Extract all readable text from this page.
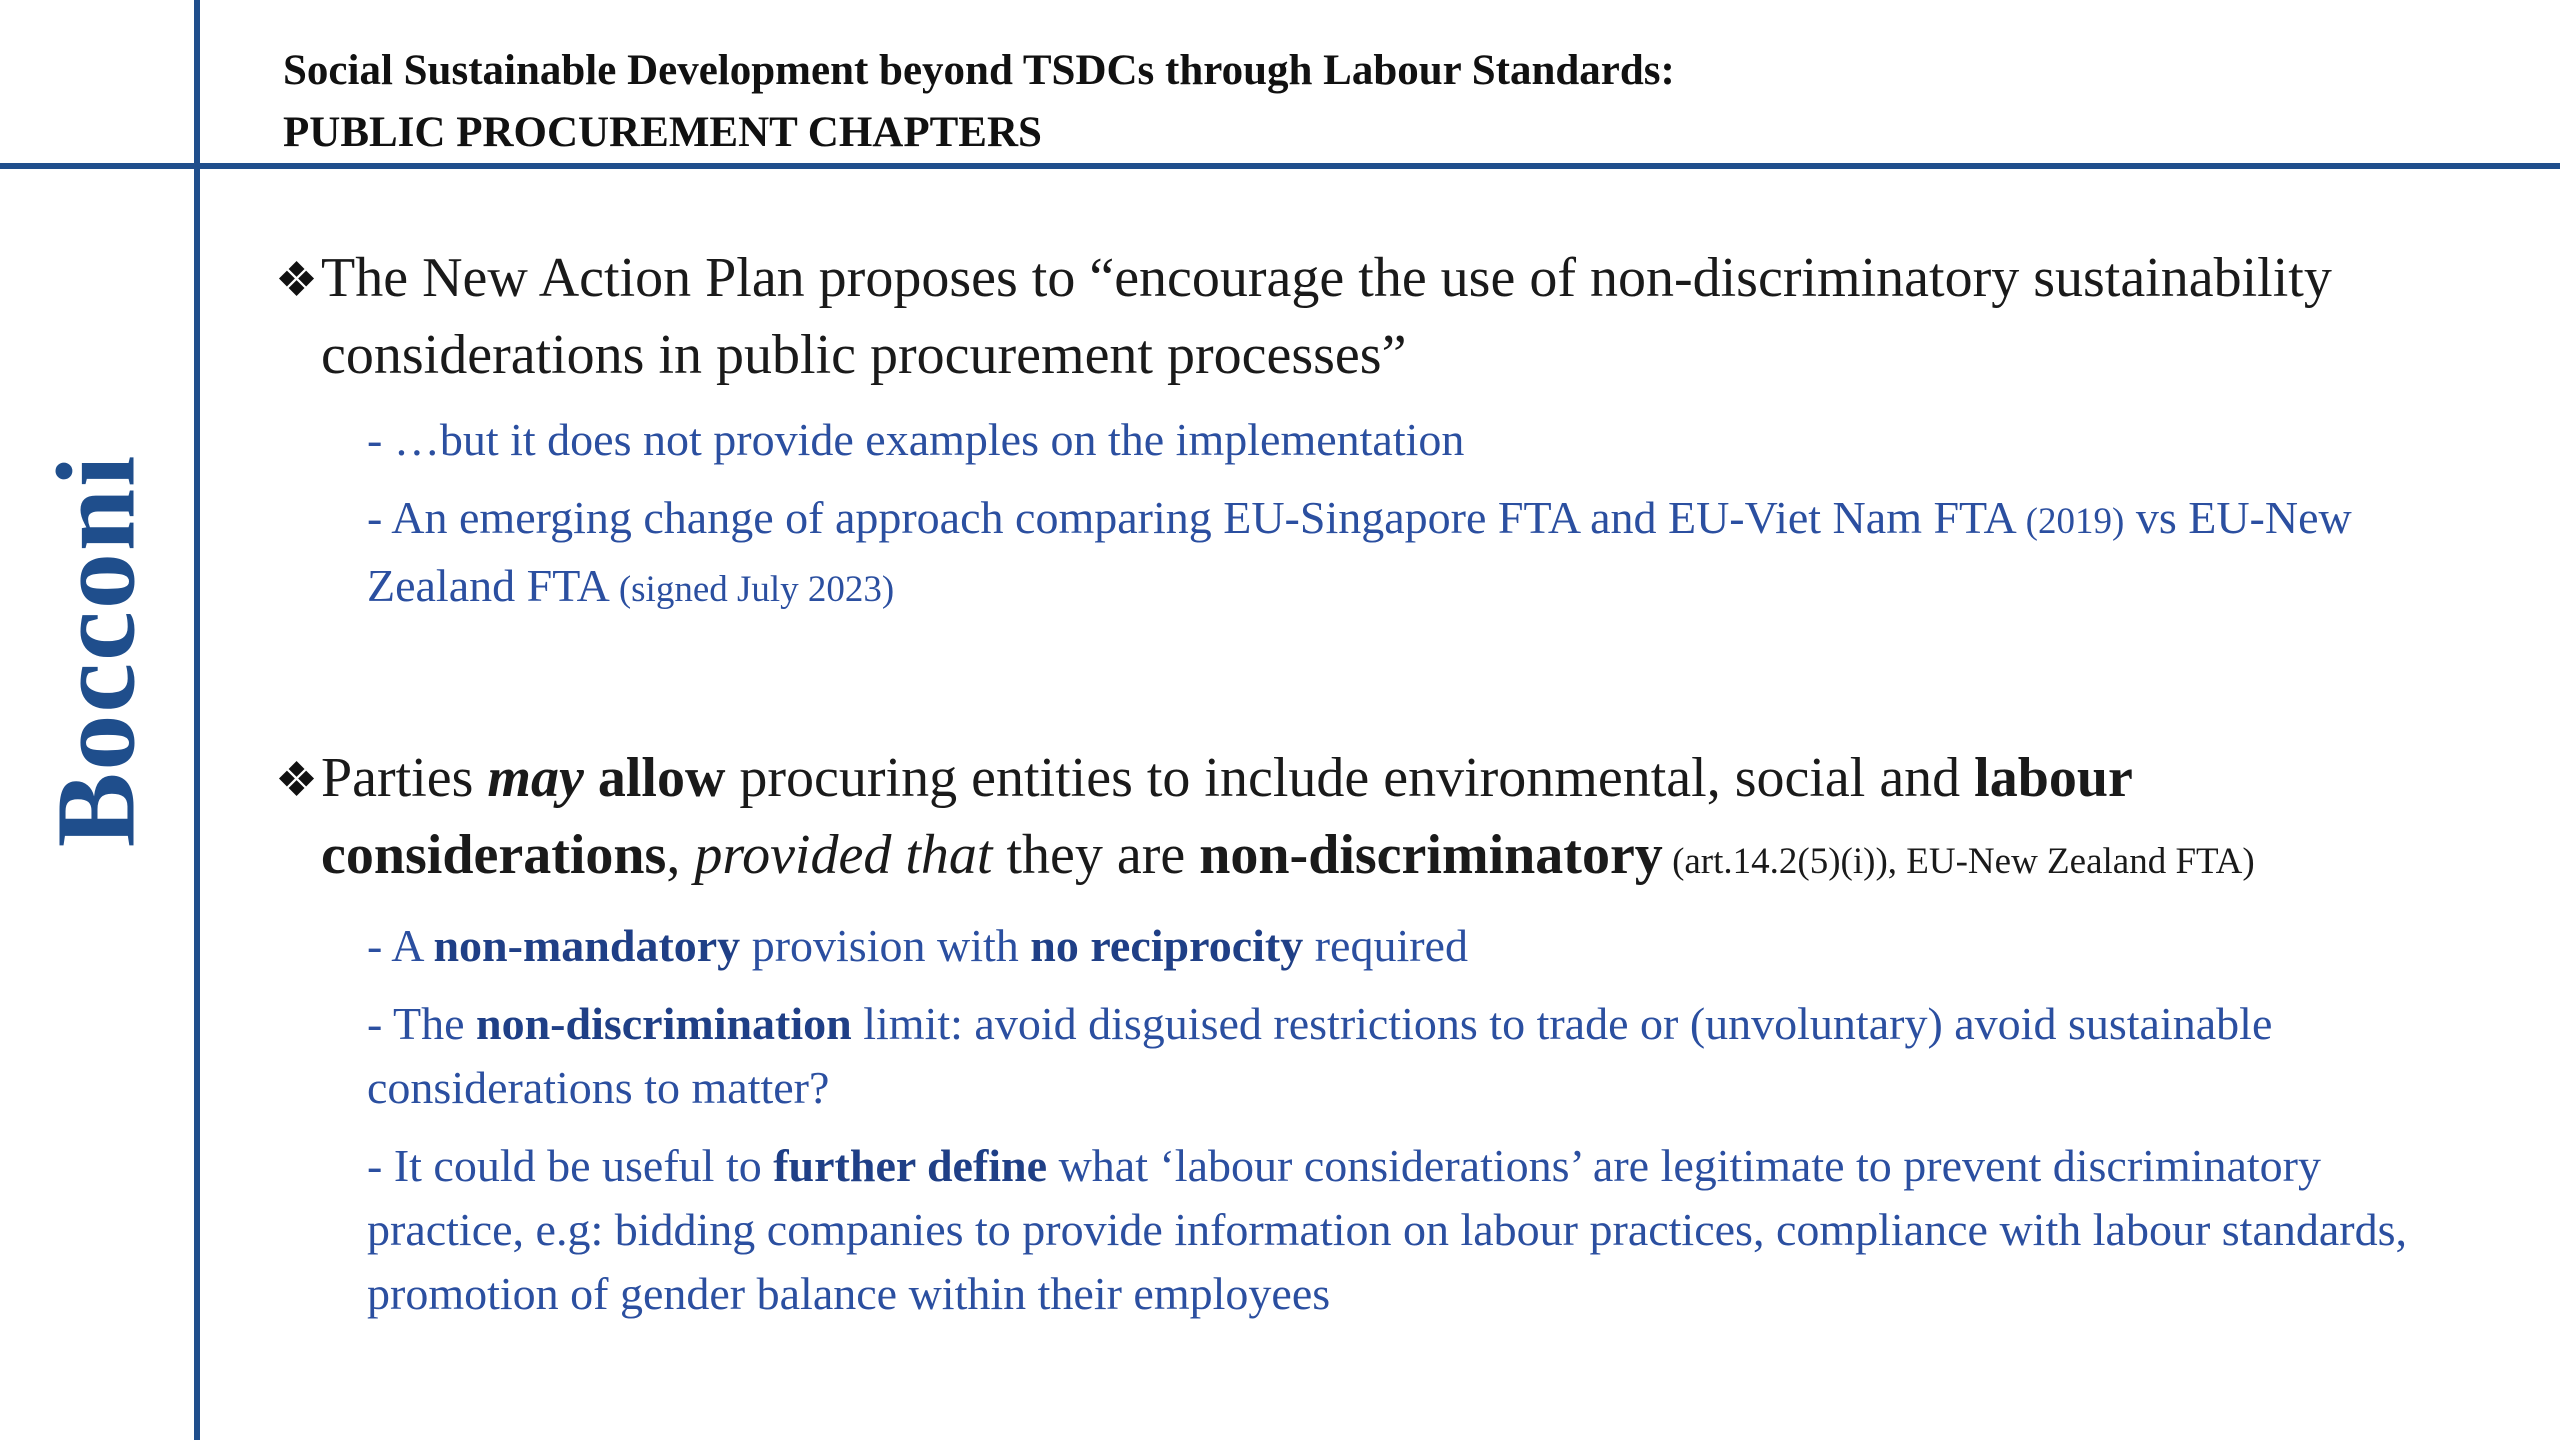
Bocconi
Social Sustainable Development beyond TSDCs through Labour Standards:
PUBLIC PROCUREMENT CHAPTERS
❖ The New Action Plan proposes to “encourage the use of non-discriminatory sustainability considerations in public procurement processes”
- …but it does not provide examples on the implementation
- An emerging change of approach comparing EU-Singapore FTA and EU-Viet Nam FTA (2019) vs EU-New Zealand FTA (signed July 2023)
❖ Parties may allow procuring entities to include environmental, social and labour considerations, provided that they are non-discriminatory (art.14.2(5)(i)), EU-New Zealand FTA)
- A non-mandatory provision with no reciprocity required
- The non-discrimination limit: avoid disguised restrictions to trade or (unvoluntary) avoid sustainable considerations to matter?
- It could be useful to further define what ‘labour considerations’ are legitimate to prevent discriminatory practice, e.g: bidding companies to provide information on labour practices, compliance with labour standards, promotion of gender balance within their employees
